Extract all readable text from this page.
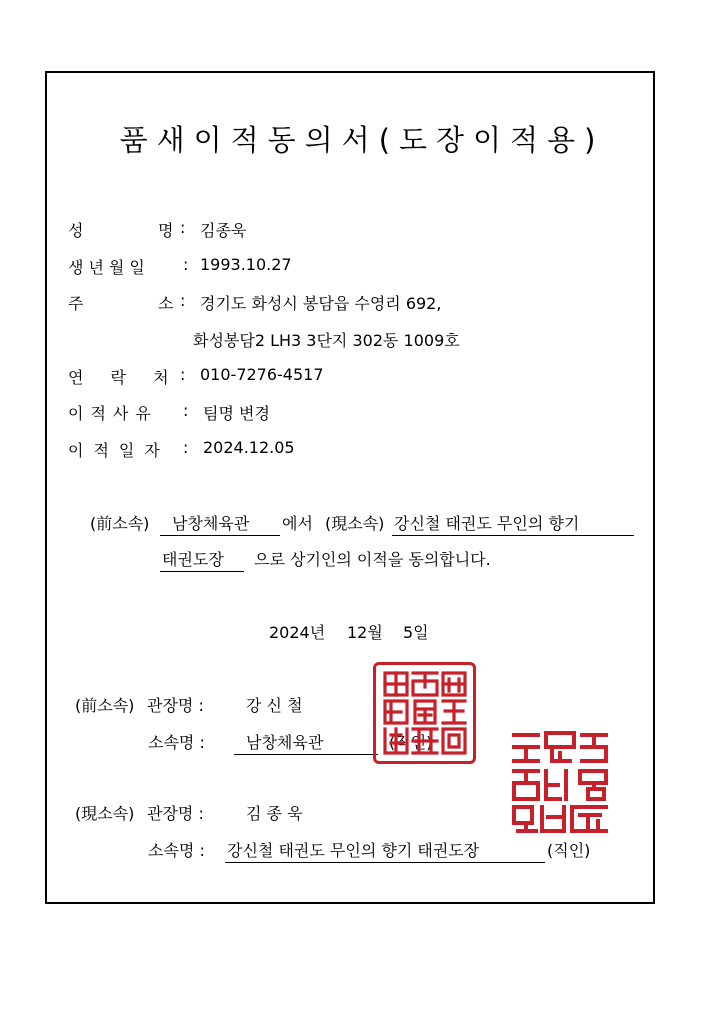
품새이적동의서(도장이적용)
성	명 : 김종욱
생년월일 : 1993.10.27
주	소 : 경기도 화성시 봉담읍 수영리 692,
화성봉담2 LH3 3단지 302동 1009호
연 락 처 : 010-7276-4517
이적사유 : 팀명 변경
이적일자 : 2024.12.05
(前소속)	남창체육관	에서 (現소속) 강신철 태권도 무인의 향기
태권도장	으로 상기인의 이적을 동의합니다.
2024년 12월 5일
(前소속) 관장명 :	강 신 철
소속명 :	남창체육관	(직인)
(現소속) 관장명 :	김 종 욱
소속명 : 강신철 태권도 무인의 향기 태권도장	(직인)
